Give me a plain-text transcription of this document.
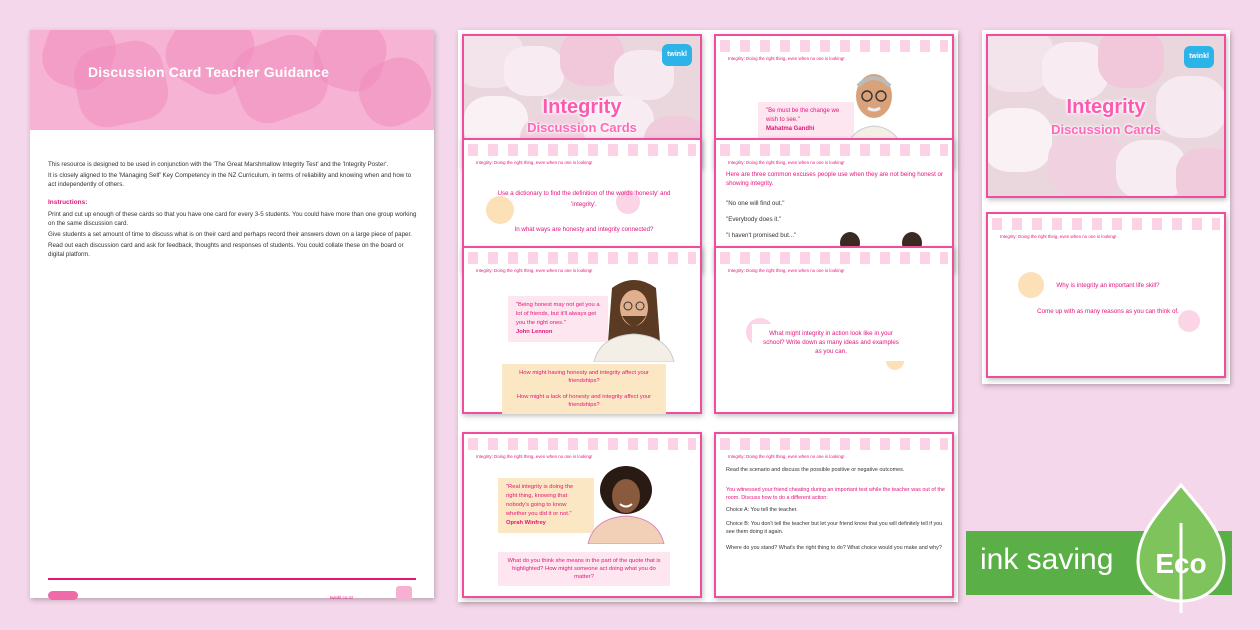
Discussion Card Teacher Guidance

This resource is designed to be used in conjunction with the 'The Great Marshmallow Integrity Test' and the 'Integrity Poster'.

It is closely aligned to the 'Managing Self' Key Competency in the NZ Curriculum, in terms of reliability and knowing when and how to act independently of others.

Instructions:

Print and cut up enough of these cards so that you have one card for every 3-5 students. You could have more than one group working on the same discussion card.

Give students a set amount of time to discuss what is on their card and perhaps record their answers down on a large piece of paper.

Read out each discussion card and ask for feedback, thoughts and responses of students. You could collate these on the board or digital platform.

twinkl.co.nz
twinkl
Integrity
Discussion Cards
Integrity: Doing the right thing, even when no one is looking!
"Be must be the change we wish to see."
Mahatma Gandhi
Integrity: Doing the right thing, even when no one is looking!
Use a dictionary to find the definition of the words 'honesty' and 'integrity'.
In what ways are honesty and integrity connected?
Integrity: Doing the right thing, even when no one is looking!
Here are three common excuses people use when they are not being honest or showing integrity.
"No one will find out."
"Everybody does it."
"I haven't promised but..."
Integrity: Doing the right thing, even when no one is looking!
"Being honest may not get you a lot of friends, but it'll always get you the right ones."
John Lennon
How might having honesty and integrity affect your friendships?
How might a lack of honesty and integrity affect your friendships?
Integrity: Doing the right thing, even when no one is looking!
What might integrity in action look like in your school? Write down as many ideas and examples as you can.
Integrity: Doing the right thing, even when no one is looking!
"Real integrity is doing the right thing, knowing that nobody's going to know whether you did it or not."
Oprah Winfrey
What do you think she means in the part of the quote that is highlighted? How might someone act doing what you do matter?
Integrity: Doing the right thing, even when no one is looking!
Read the scenario and discuss the possible positive or negative outcomes.
You witnessed your friend cheating during an important test while the teacher was out of the room. Discuss how to do a different action:
Choice A: You tell the teacher.
Choice B: You don't tell the teacher but let your friend know that you will definitely tell if you see them doing it again.
Where do you stand? What's the right thing to do? What choice would you make and why?
twinkl
Integrity
Discussion Cards
Integrity: Doing the right thing, even when no one is looking!
Why is integrity an important life skill?
Come up with as many reasons as you can think of.
ink saving Eco
